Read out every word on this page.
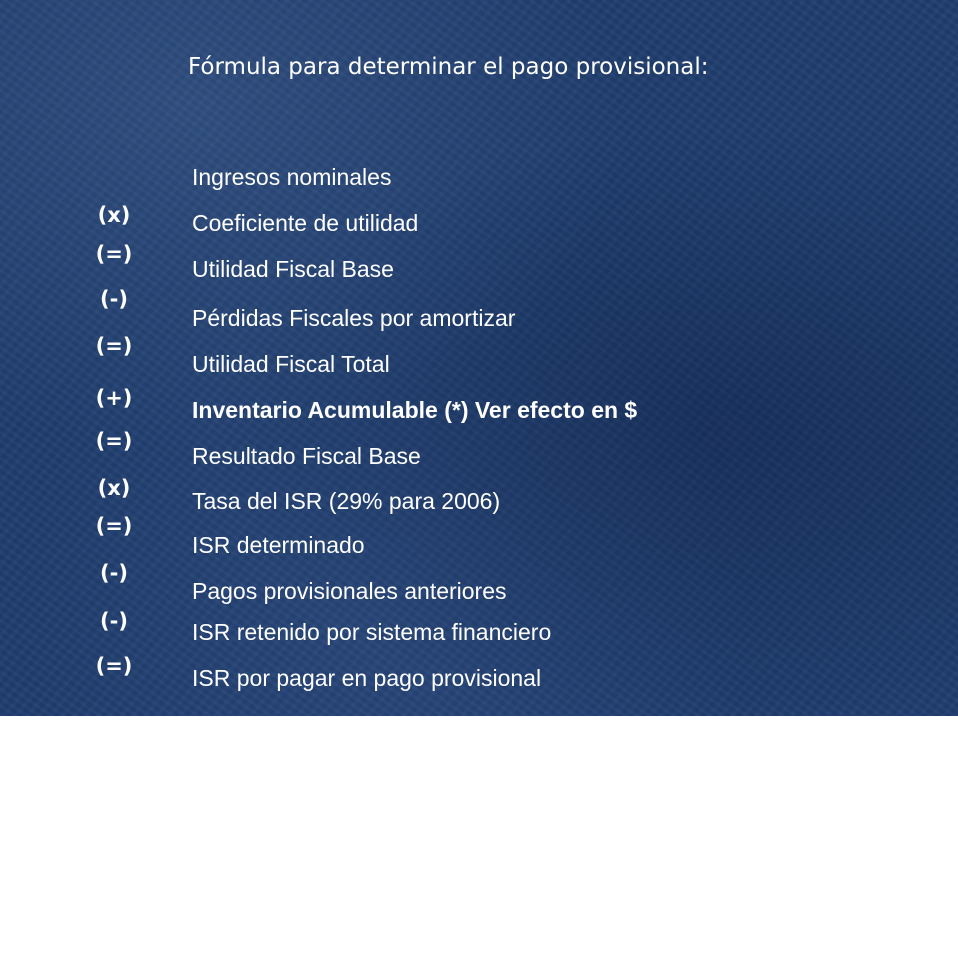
Fórmula para determinar el pago provisional:
(x)
(=)
(-)
(=)
(+)
(=)
(x)
(=)
(-)
(-)
(=)
Ingresos nominales
Coeficiente de utilidad
Utilidad Fiscal Base
Pérdidas Fiscales por amortizar
Utilidad Fiscal Total
Inventario Acumulable (*) Ver efecto en $
Resultado Fiscal Base
Tasa del ISR (29% para 2006)
ISR determinado
Pagos provisionales anteriores
ISR retenido por sistema financiero
ISR por pagar en pago provisional
